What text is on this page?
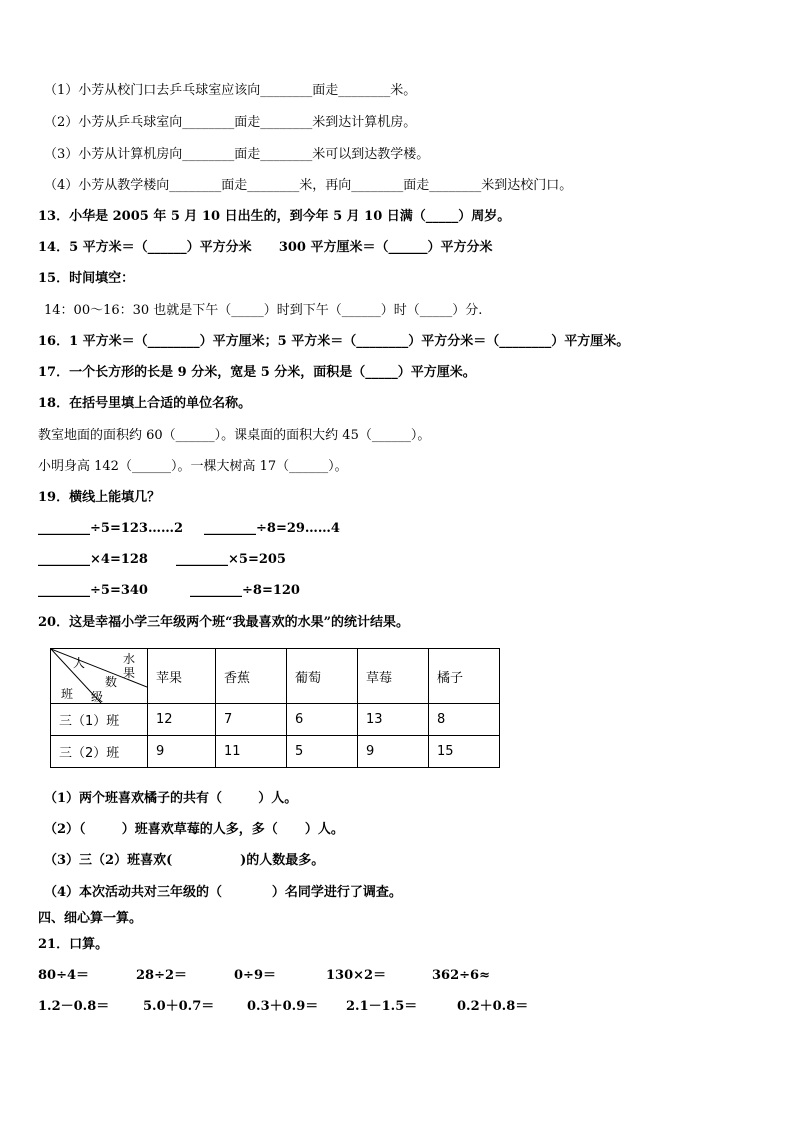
（1）小芳从校门口去乒乓球室应该向________面走________米。
（2）小芳从乒乓球室向________面走________米到达计算机房。
（3）小芳从计算机房向________面走________米可以到达教学楼。
（4）小芳从教学楼向________面走________米，再向________面走________米到达校门口。
13．小华是 2005 年 5 月 10 日出生的，到今年 5 月 10 日满（_____）周岁。
14．5 平方米＝（______）平方分米      300 平方厘米＝（______）平方分米
15．时间填空：
14：00～16：30 也就是下午（_____）时到下午（______）时（_____）分.
16．1 平方米＝（________）平方厘米；5 平方米＝（________）平方分米＝（________）平方厘米。
17．一个长方形的长是 9 分米，宽是 5 分米，面积是（_____）平方厘米。
18．在括号里填上合适的单位名称。
教室地面的面积约 60（______）。课桌面的面积大约 45（______）。
小明身高 142（______）。一棵大树高 17（______）。
19．横线上能填几？
________÷5=123……2 ________÷8=29……4
________×4=128 ________×5=205
________÷5=340	________÷8=120
20．这是幸福小学三年级两个班“我最喜欢的水果”的统计结果。
人 水果
数
班 级	苹果	香蕉	葡萄	草莓	橘子
三（1）班	12	7	6	13	8
三（2）班	9	11	5	9	15
（1）两个班喜欢橘子的共有（        ）人。
（2）（        ）班喜欢草莓的人多，多（      ）人。
（3）三（2）班喜欢(               )的人数最多。
（4）本次活动共对三年级的（           ）名同学进行了调查。
四、细心算一算。
21．口算。
80÷4＝	28÷2＝	0÷9＝	130×2＝	362÷6≈
1.2－0.8＝	5.0＋0.7＝	0.3＋0.9＝ 2.1－1.5＝	0.2＋0.8＝
